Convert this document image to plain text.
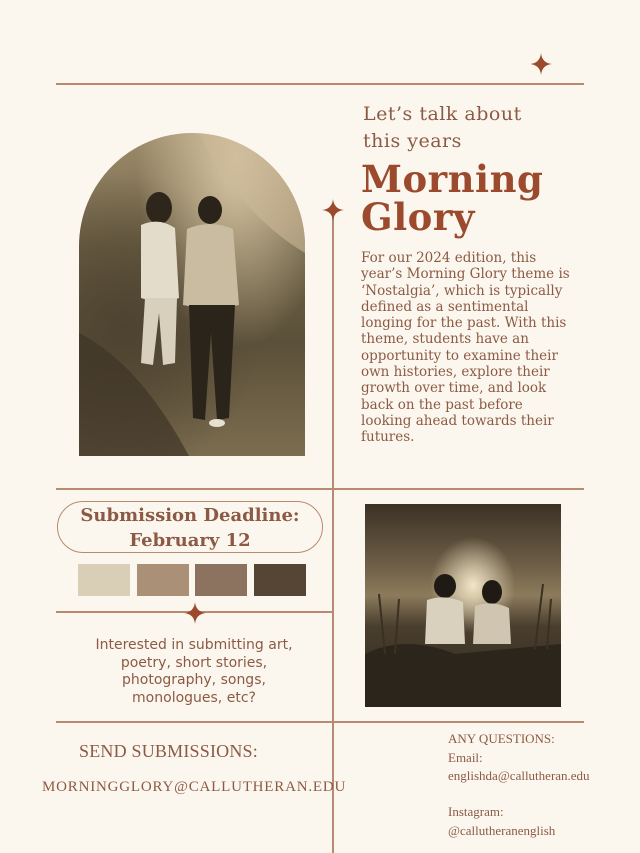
Let’s talk about
this years
Morning
Glory

For our 2024 edition, this year’s Morning Glory theme is ‘Nostalgia’, which is typically defined as a sentimental longing for the past. With this theme, students have an opportunity to examine their own histories, explore their growth over time, and look back on the past before looking ahead towards their futures.

Submission Deadline:
February 12

Interested in submitting art, poetry, short stories, photography, songs, monologues, etc?

SEND SUBMISSIONS:
MORNINGGLORY@CALLUTHERAN.EDU
ANY QUESTIONS:
Email:
englishda@callutheran.edu
Instagram:
@callutheranenglish
